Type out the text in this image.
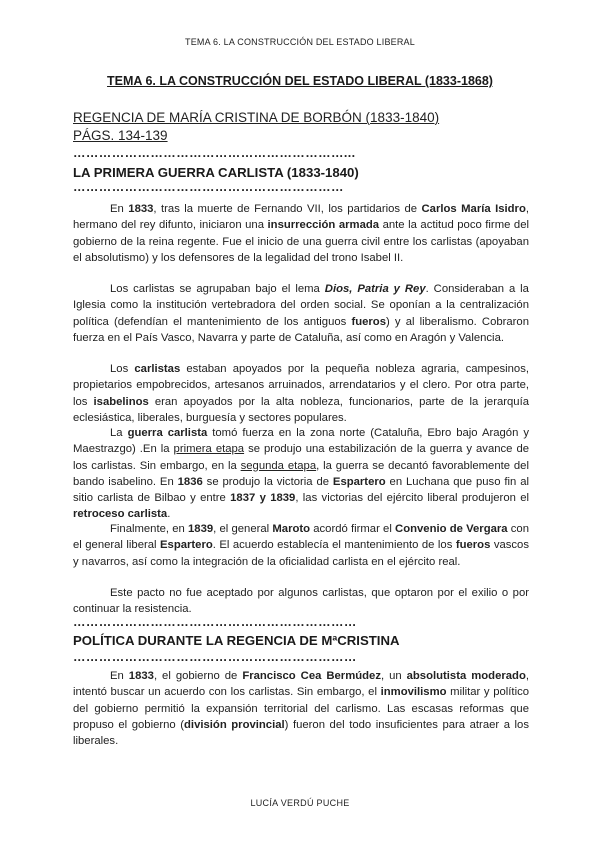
TEMA 6. LA CONSTRUCCIÓN DEL ESTADO LIBERAL
TEMA 6. LA CONSTRUCCIÓN DEL ESTADO LIBERAL (1833-1868)
REGENCIA DE MARÍA CRISTINA DE BORBÓN (1833-1840)
PÁGS. 134-139
………………………………………………………...
LA PRIMERA GUERRA CARLISTA (1833-1840)
………………………………………………………
En 1833, tras la muerte de Fernando VII, los partidarios de Carlos María Isidro, hermano del rey difunto, iniciaron una insurrección armada ante la actitud poco firme del gobierno de la reina regente. Fue el inicio de una guerra civil entre los carlistas (apoyaban el absolutismo) y los defensores de la legalidad del trono Isabel II.
Los carlistas se agrupaban bajo el lema Dios, Patria y Rey. Consideraban a la Iglesia como la institución vertebradora del orden social. Se oponían a la centralización política (defendían el mantenimiento de los antiguos fueros) y al liberalismo. Cobraron fuerza en el País Vasco, Navarra y parte de Cataluña, así como en Aragón y Valencia.
Los carlistas estaban apoyados por la pequeña nobleza agraria, campesinos, propietarios empobrecidos, artesanos arruinados, arrendatarios y el clero. Por otra parte, los isabelinos eran apoyados por la alta nobleza, funcionarios, parte de la jerarquía eclesiástica, liberales, burguesía y sectores populares.
La guerra carlista tomó fuerza en la zona norte (Cataluña, Ebro bajo Aragón y Maestrazgo) .En la primera etapa se produjo una estabilización de la guerra y avance de los carlistas. Sin embargo, en la segunda etapa, la guerra se decantó favorablemente del bando isabelino. En 1836 se produjo la victoria de Espartero en Luchana que puso fin al sitio carlista de Bilbao y entre 1837 y 1839, las victorias del ejército liberal produjeron el retroceso carlista.
Finalmente, en 1839, el general Maroto acordó firmar el Convenio de Vergara con el general liberal Espartero. El acuerdo establecía el mantenimiento de los fueros vascos y navarros, así como la integración de la oficialidad carlista en el ejército real.
Este pacto no fue aceptado por algunos carlistas, que optaron por el exilio o por continuar la resistencia.
…………………………………………………………
POLÍTICA DURANTE LA REGENCIA DE MªCRISTINA
…………………………………………………………
En 1833, el gobierno de Francisco Cea Bermúdez, un absolutista moderado, intentó buscar un acuerdo con los carlistas. Sin embargo, el inmovilismo militar y político del gobierno permitió la expansión territorial del carlismo. Las escasas reformas que propuso el gobierno (división provincial) fueron del todo insuficientes para atraer a los liberales.
LUCÍA VERDÚ PUCHE
